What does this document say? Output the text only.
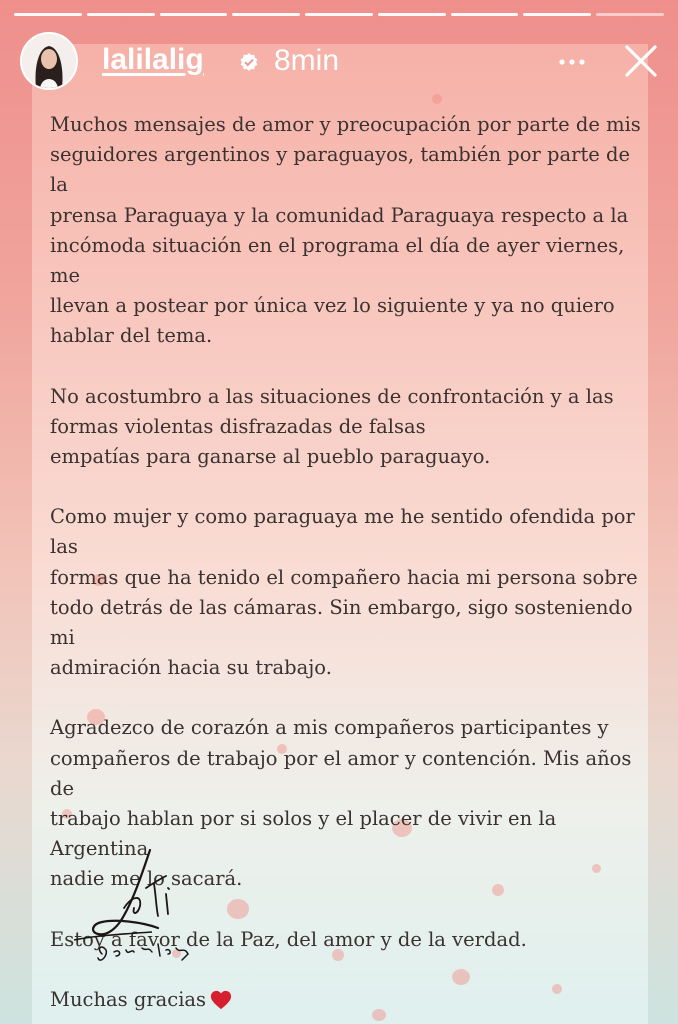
lalilalig 8min

Muchos mensajes de amor y preocupación por parte de mis
seguidores argentinos y paraguayos, también por parte de la
prensa Paraguaya y la comunidad Paraguaya respecto a la
incómoda situación en el programa el día de ayer viernes, me
llevan a postear por única vez lo siguiente y ya no quiero
hablar del tema.

No acostumbro a las situaciones de confrontación y a las
formas violentas disfrazadas de falsas
empatías para ganarse al pueblo paraguayo.

Como mujer y como paraguaya me he sentido ofendida por las
formas que ha tenido el compañero hacia mi persona sobre
todo detrás de las cámaras. Sin embargo, sigo sosteniendo mi
admiración hacia su trabajo.

Agradezco de corazón a mis compañeros participantes y
compañeros de trabajo por el amor y contención. Mis años de
trabajo hablan por si solos y el placer de vivir en la Argentina
nadie me lo sacará.

Estoy a favor de la Paz, del amor y de la verdad.

Muchas gracias
